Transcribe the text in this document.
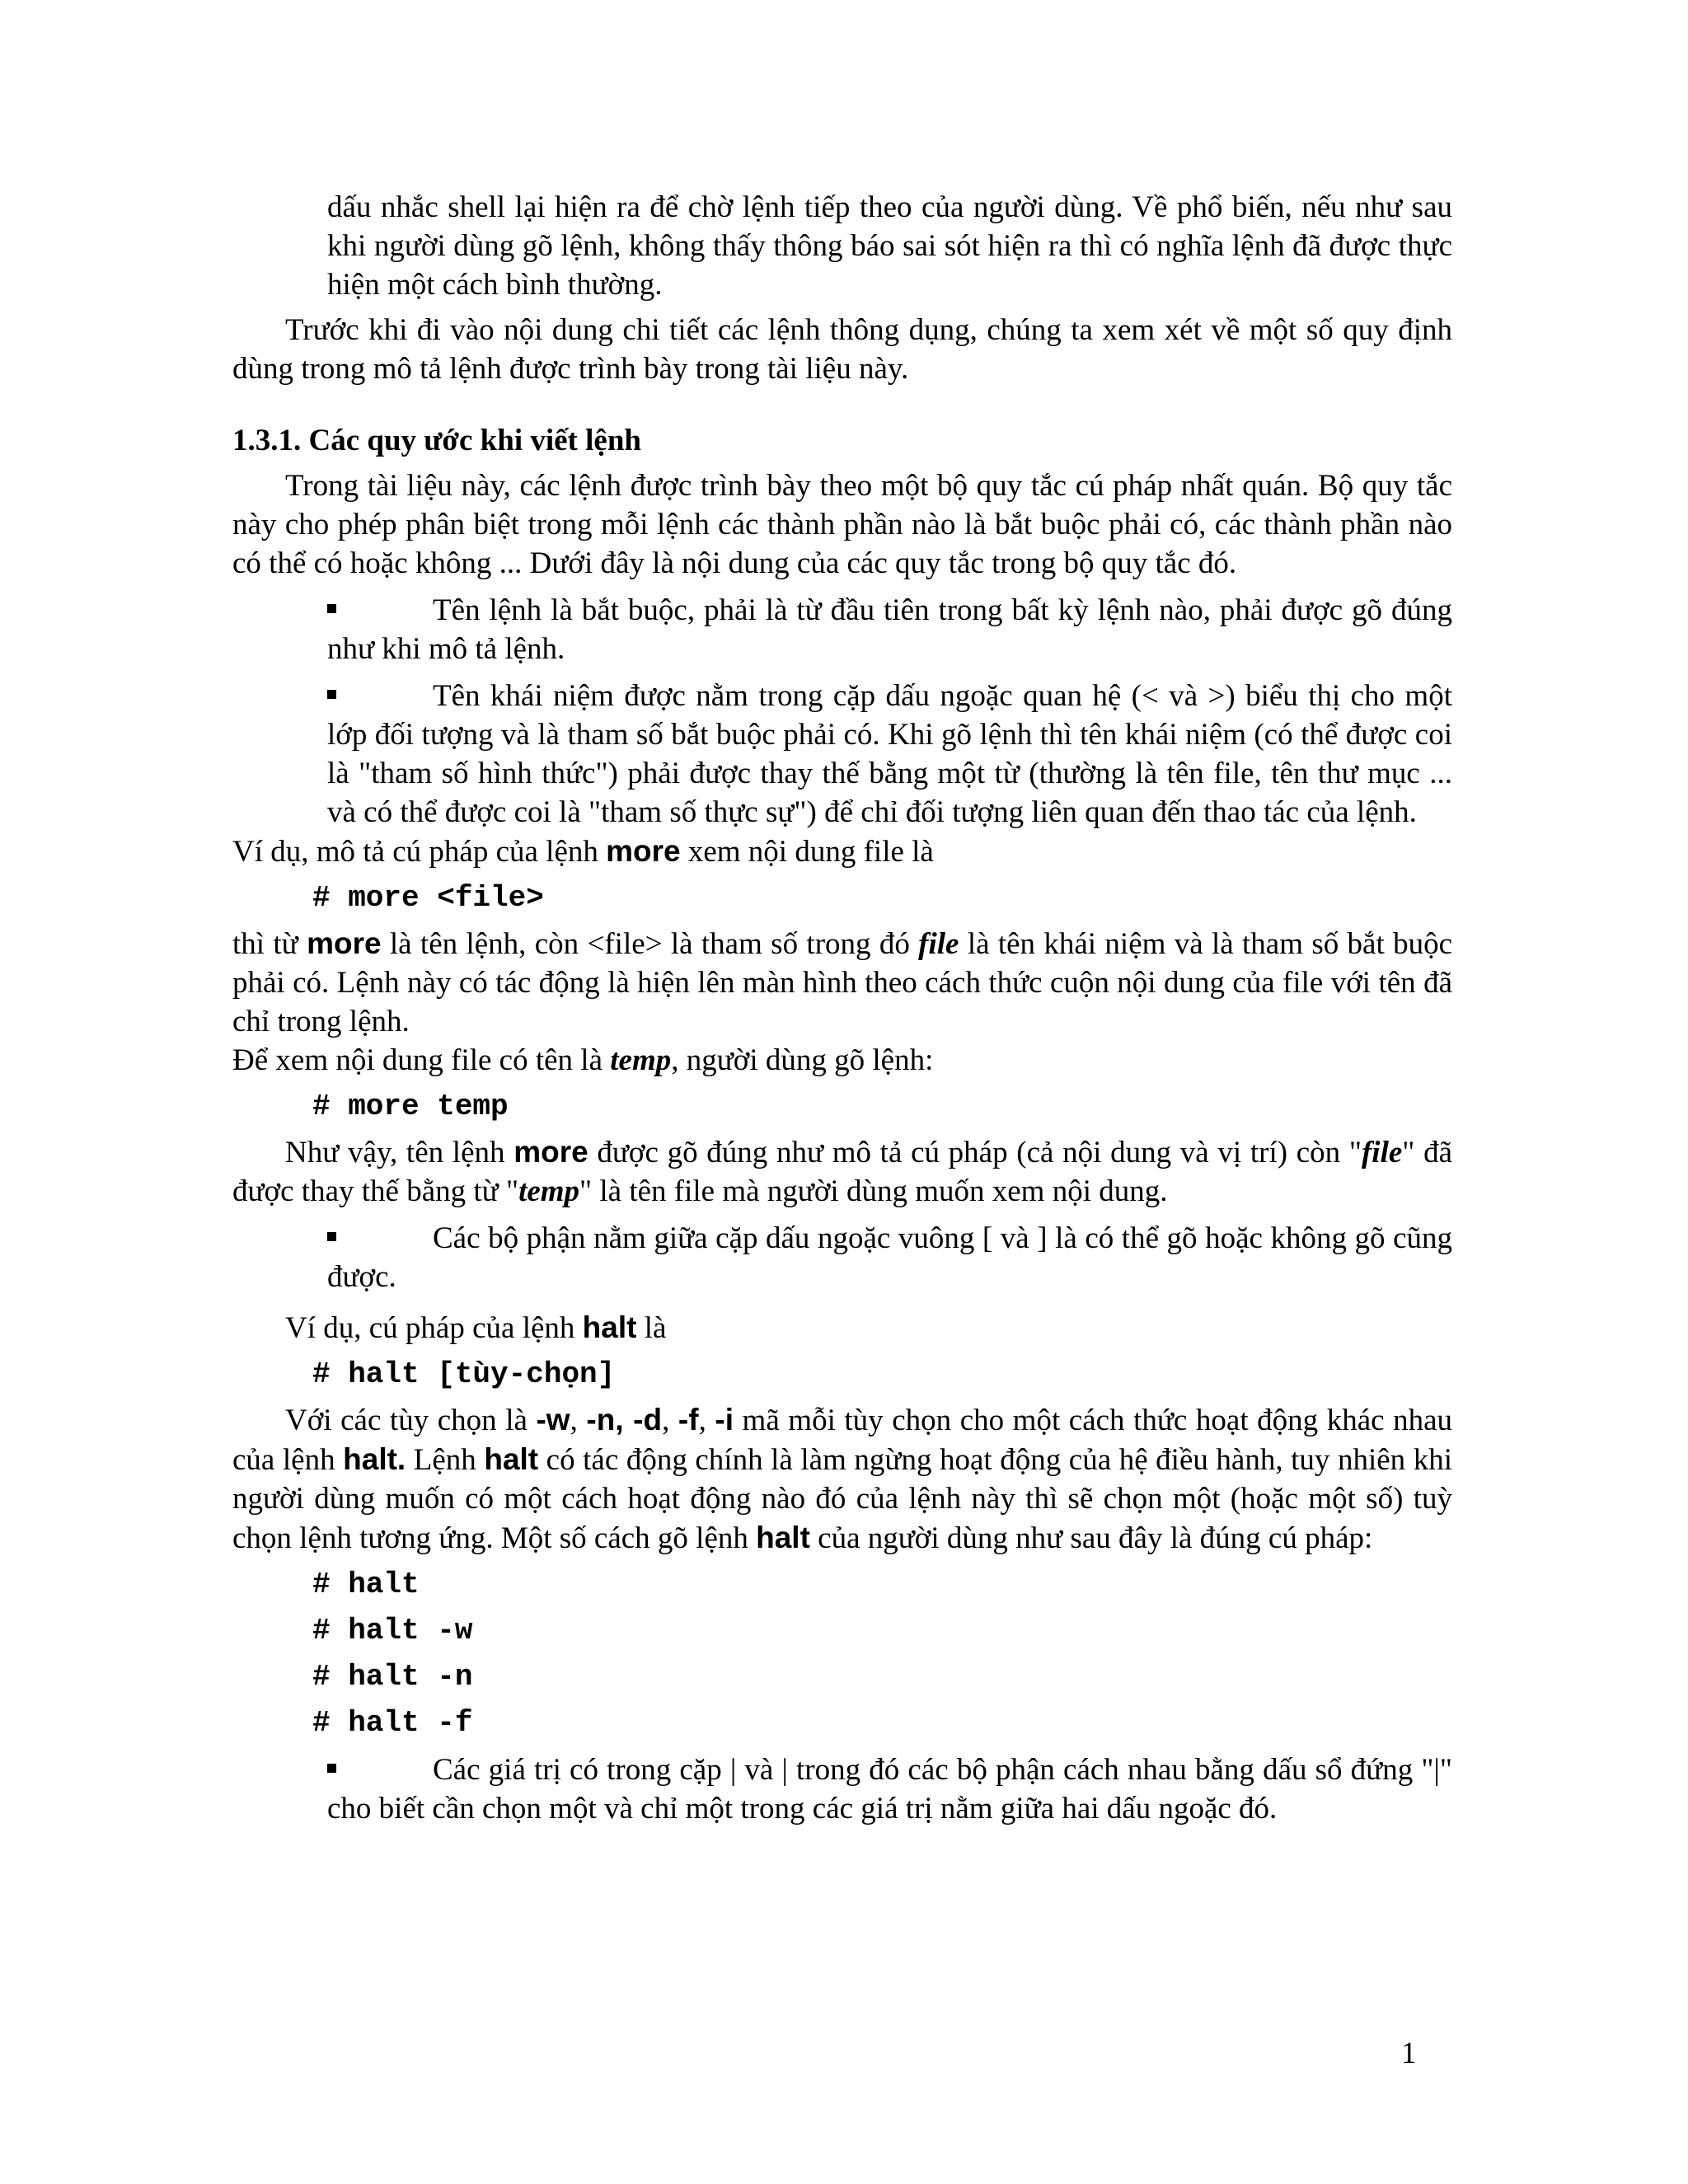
dấu nhắc shell lại hiện ra để chờ lệnh tiếp theo của người dùng. Về phổ biến, nếu như sau khi người dùng gõ lệnh, không thấy thông báo sai sót hiện ra thì có nghĩa lệnh đã được thực hiện một cách bình thường.

Trước khi đi vào nội dung chi tiết các lệnh thông dụng, chúng ta xem xét về một số quy định dùng trong mô tả lệnh được trình bày trong tài liệu này.

1.3.1. Các quy ước khi viết lệnh

Trong tài liệu này, các lệnh được trình bày theo một bộ quy tắc cú pháp nhất quán. Bộ quy tắc này cho phép phân biệt trong mỗi lệnh các thành phần nào là bắt buộc phải có, các thành phần nào có thể có hoặc không ... Dưới đây là nội dung của các quy tắc trong bộ quy tắc đó.

Tên lệnh là bắt buộc, phải là từ đầu tiên trong bất kỳ lệnh nào, phải được gõ đúng như khi mô tả lệnh.

Tên khái niệm được nằm trong cặp dấu ngoặc quan hệ (< và >) biểu thị cho một lớp đối tượng và là tham số bắt buộc phải có. Khi gõ lệnh thì tên khái niệm (có thể được coi là "tham số hình thức") phải được thay thế bằng một từ (thường là tên file, tên thư mục ... và có thể được coi là "tham số thực sự") để chỉ đối tượng liên quan đến thao tác của lệnh.

Ví dụ, mô tả cú pháp của lệnh more xem nội dung file là

# more <file>

thì từ more là tên lệnh, còn <file> là tham số trong đó file là tên khái niệm và là tham số bắt buộc phải có. Lệnh này có tác động là hiện lên màn hình theo cách thức cuộn nội dung của file với tên đã chỉ trong lệnh.

Để xem nội dung file có tên là temp, người dùng gõ lệnh:

# more temp

Như vậy, tên lệnh more được gõ đúng như mô tả cú pháp (cả nội dung và vị trí) còn "file" đã được thay thế bằng từ "temp" là tên file mà người dùng muốn xem nội dung.

Các bộ phận nằm giữa cặp dấu ngoặc vuông [ và ] là có thể gõ hoặc không gõ cũng được.

Ví dụ, cú pháp của lệnh halt là

# halt [tùy-chọn]

Với các tùy chọn là -w, -n, -d, -f, -i mã mỗi tùy chọn cho một cách thức hoạt động khác nhau của lệnh halt. Lệnh halt có tác động chính là làm ngừng hoạt động của hệ điều hành, tuy nhiên khi người dùng muốn có một cách hoạt động nào đó của lệnh này thì sẽ chọn một (hoặc một số) tuỳ chọn lệnh tương ứng. Một số cách gõ lệnh halt của người dùng như sau đây là đúng cú pháp:

# halt
# halt -w
# halt -n
# halt -f

Các giá trị có trong cặp | và | trong đó các bộ phận cách nhau bằng dấu sổ đứng "|" cho biết cần chọn một và chỉ một trong các giá trị nằm giữa hai dấu ngoặc đó.

1
